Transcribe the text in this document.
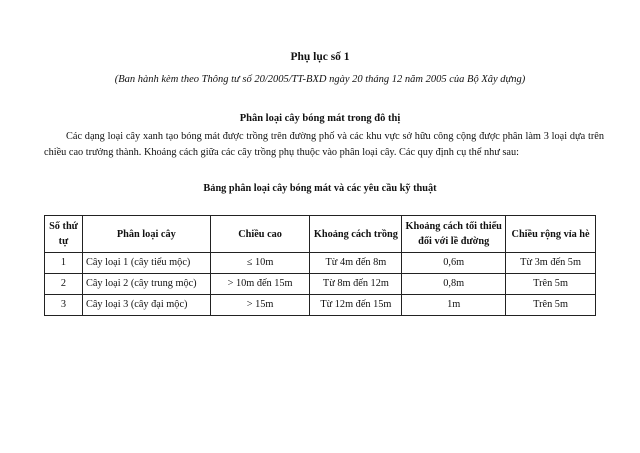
Phụ lục số 1
(Ban hành kèm theo Thông tư số 20/2005/TT-BXD ngày 20 tháng 12 năm 2005 của Bộ Xây dựng)
Phân loại cây bóng mát trong đô thị

Các dạng loại cây xanh tạo bóng mát được trồng trên đường phố và các khu vực sở hữu công cộng được phân làm 3 loại dựa trên chiều cao trưởng thành. Khoảng cách giữa các cây trồng phụ thuộc vào phân loại cây. Các quy định cụ thể như sau:

Bảng phân loại cây bóng mát và các yêu cầu kỹ thuật
Số thứ tự	Phân loại cây	Chiều cao	Khoảng cách trồng	Khoảng cách tối thiểu đối với lề đường	Chiều rộng vỉa hè
1	Cây loại 1 (cây tiểu mộc)	≤ 10m	Từ 4m đến 8m	0,6m	Từ 3m đến 5m
2	Cây loại 2 (cây trung mộc)	> 10m đến 15m	Từ 8m đến 12m	0,8m	Trên 5m
3	Cây loại 3 (cây đại mộc)	> 15m	Từ 12m đến 15m	1m	Trên 5m
